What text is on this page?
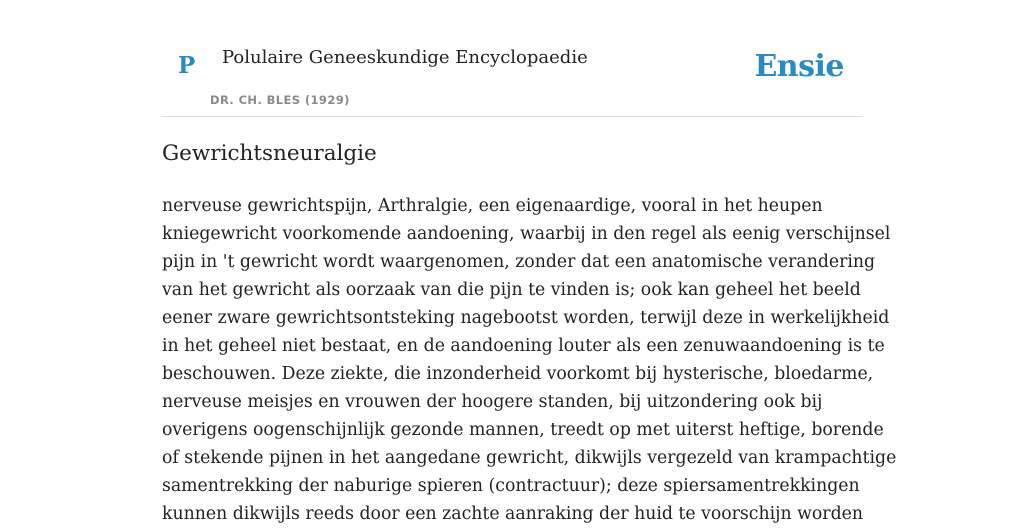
P Polulaire Geneeskundige Encyclopaedie
DR. CH. BLES (1929)
Ensie
Gewrichtsneuralgie

nerveuse gewrichtspijn, Arthralgie, een eigenaardige, vooral in het heupen
kniegewricht voorkomende aandoening, waarbij in den regel als eenig verschijnsel
pijn in 't gewricht wordt waargenomen, zonder dat een anatomische verandering
van het gewricht als oorzaak van die pijn te vinden is; ook kan geheel het beeld
eener zware gewrichtsontsteking nagebootst worden, terwijl deze in werkelijkheid
in het geheel niet bestaat, en de aandoening louter als een zenuwaandoening is te
beschouwen. Deze ziekte, die inzonderheid voorkomt bij hysterische, bloedarme,
nerveuse meisjes en vrouwen der hoogere standen, bij uitzondering ook bij
overigens oogenschijnlijk gezonde mannen, treedt op met uiterst heftige, borende
of stekende pijnen in het aangedane gewricht, dikwijls vergezeld van krampachtige
samentrekking der naburige spieren (contractuur); deze spiersamentrekkingen
kunnen dikwijls reeds door een zachte aanraking der huid te voorschijn worden
